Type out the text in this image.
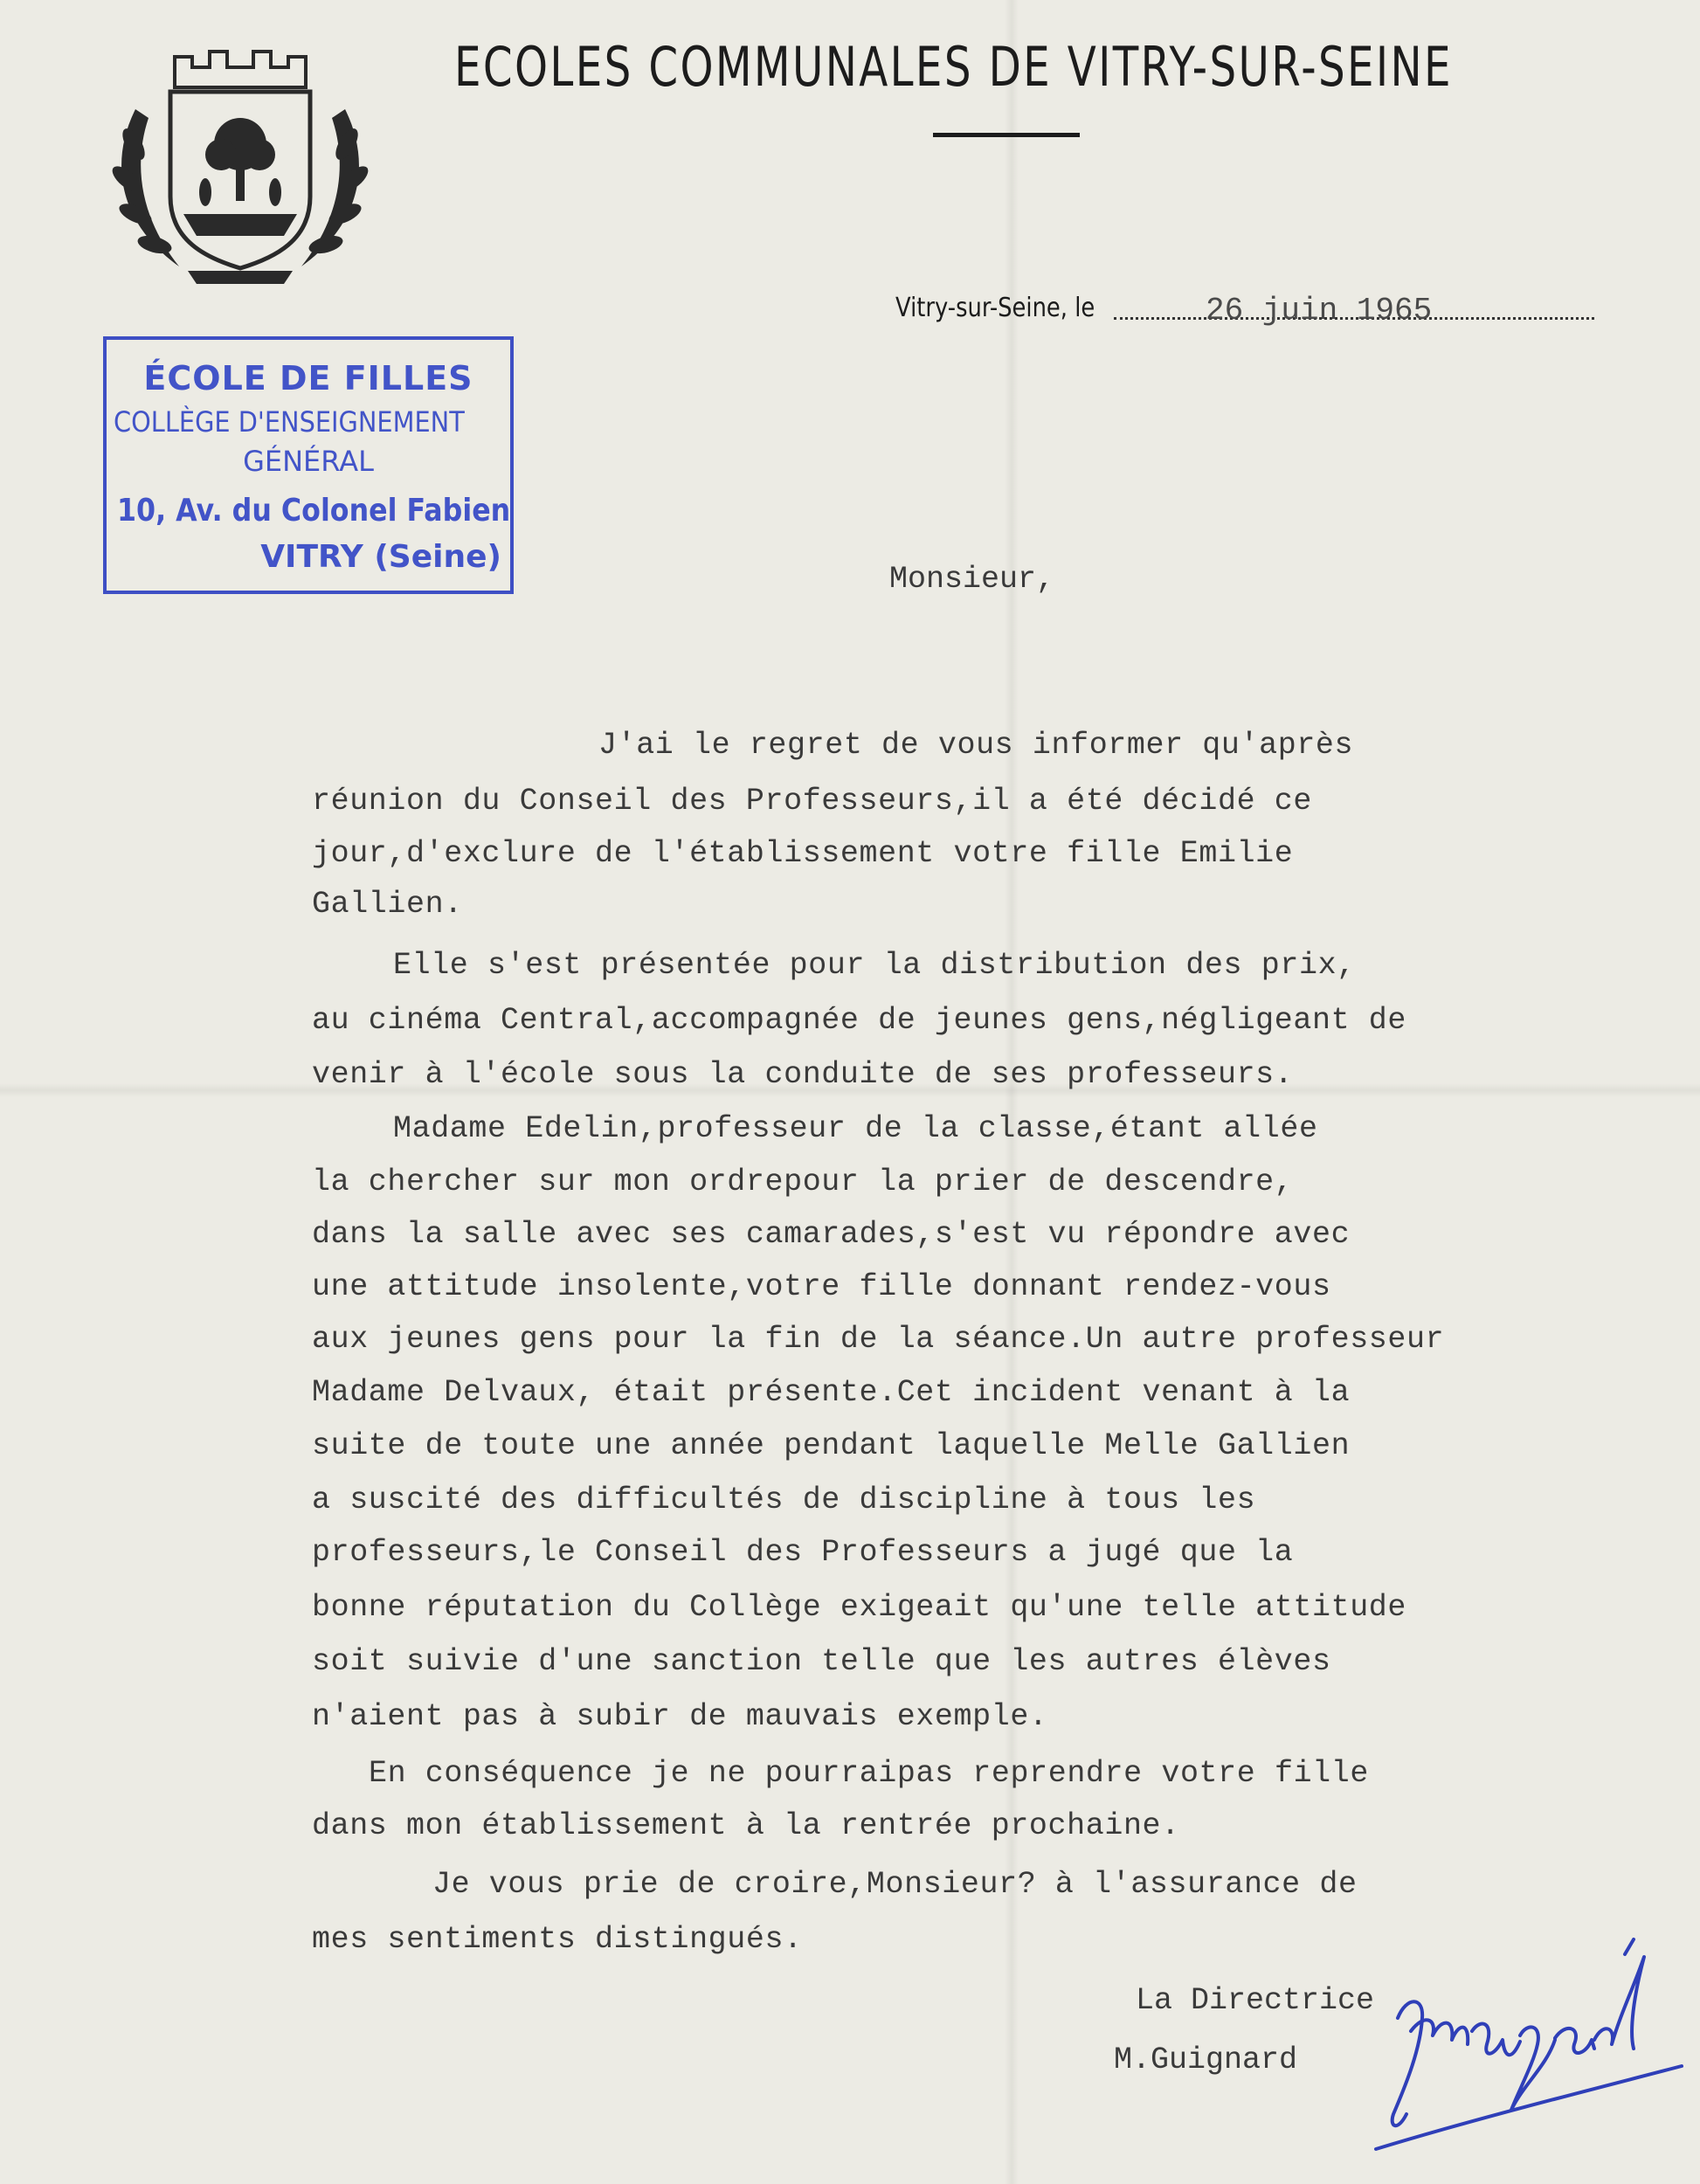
ECOLES COMMUNALES DE VITRY-SUR-SEINE
Vitry-sur-Seine, le	26 juin 1965
ÉCOLE DE FILLES
COLLÈGE D'ENSEIGNEMENT
GÉNÉRAL
10, Av. du Colonel Fabien
VITRY (Seine)
Monsieur,
J'ai le regret de vous informer qu'après
réunion du Conseil des Professeurs,il a été décidé ce
jour,d'exclure de l'établissement votre fille Emilie
Gallien.
Elle s'est présentée pour la distribution des prix,
au cinéma Central,accompagnée de jeunes gens,négligeant de
venir à l'école sous la conduite de ses professeurs.
Madame Edelin,professeur de la classe,étant allée
la chercher sur mon ordrepour la prier de descendre,
dans la salle avec ses camarades,s'est vu répondre avec
une attitude insolente,votre fille donnant rendez-vous
aux jeunes gens pour la fin de la séance.Un autre professeur
Madame Delvaux, était présente.Cet incident venant à la
suite de toute une année pendant laquelle Melle Gallien
a suscité des difficultés de discipline à tous les
professeurs,le Conseil des Professeurs a jugé que la
bonne réputation du Collège exigeait qu'une telle attitude
soit suivie d'une sanction telle que les autres élèves
n'aient pas à subir de mauvais exemple.
En conséquence je ne pourraipas reprendre votre fille
dans mon établissement à la rentrée prochaine.
Je vous prie de croire,Monsieur? à l'assurance de
mes sentiments distingués.
La Directrice
M.Guignard
